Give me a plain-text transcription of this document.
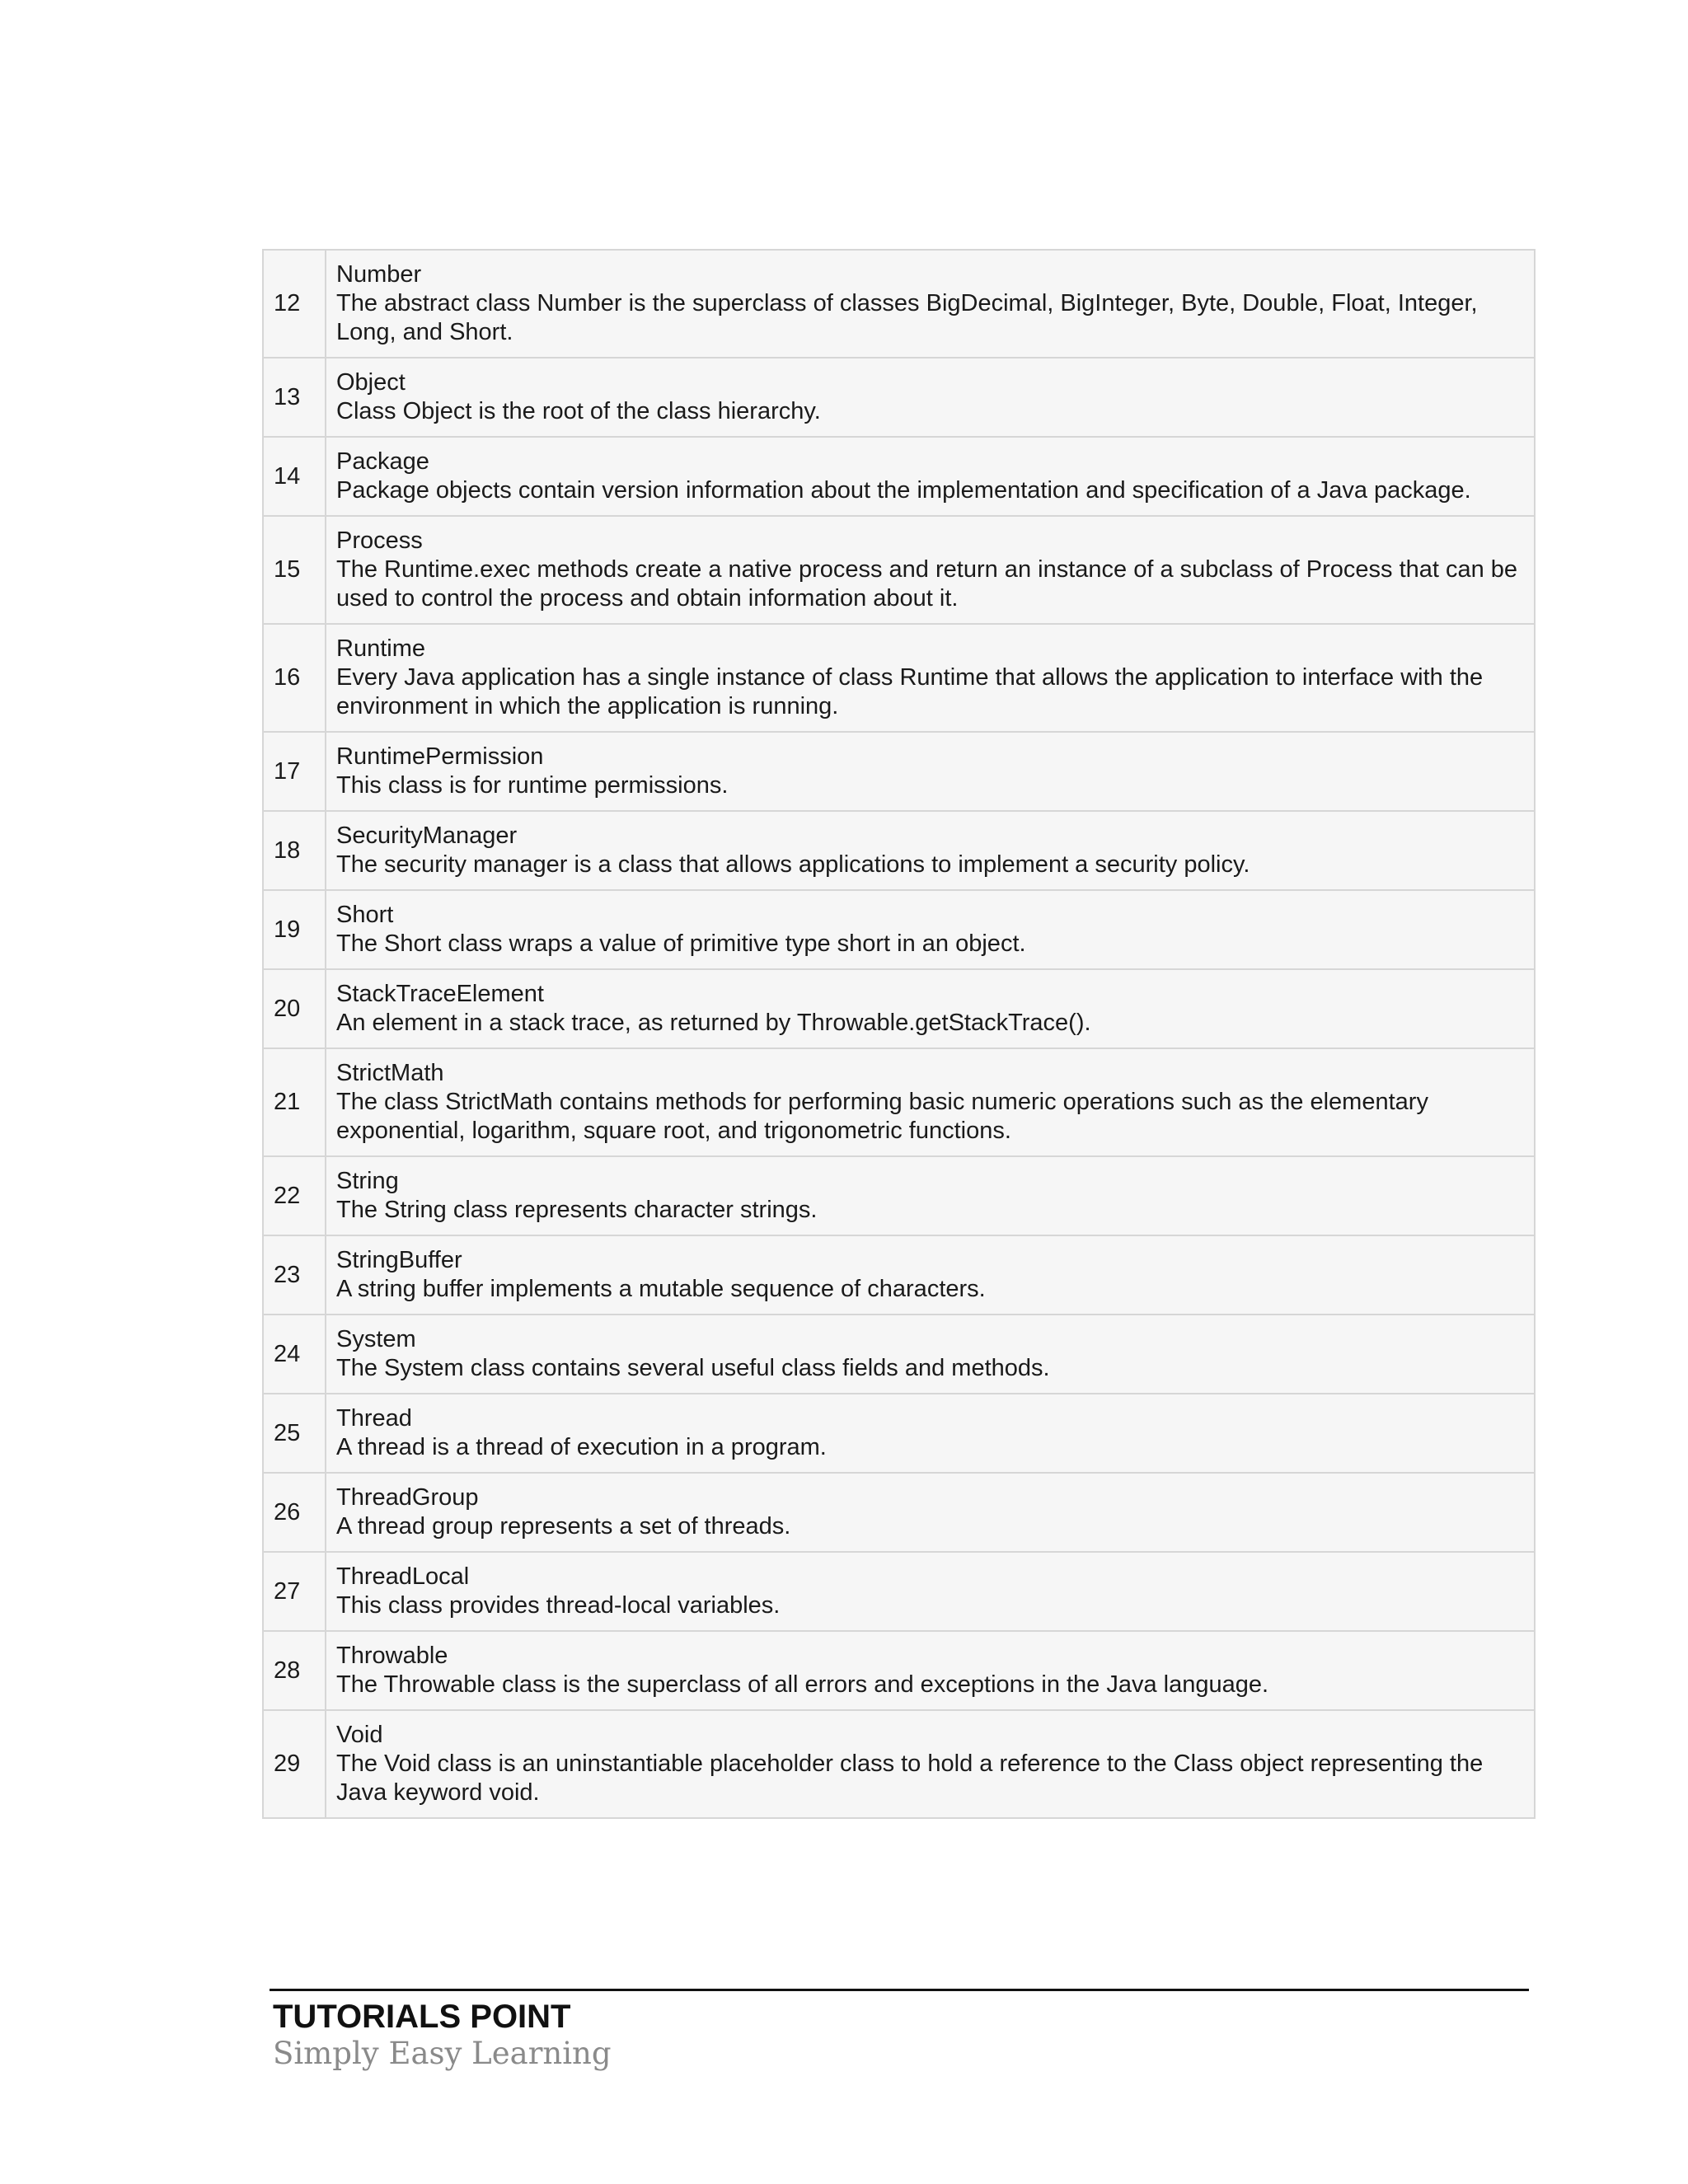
12	Number
The abstract class Number is the superclass of classes BigDecimal, BigInteger, Byte, Double, Float, Integer, Long, and Short.

13	Object
Class Object is the root of the class hierarchy.

14	Package
Package objects contain version information about the implementation and specification of a Java package.

15	Process
The Runtime.exec methods create a native process and return an instance of a subclass of Process that can be used to control the process and obtain information about it.

16	Runtime
Every Java application has a single instance of class Runtime that allows the application to interface with the environment in which the application is running.

17	RuntimePermission
This class is for runtime permissions.

18	SecurityManager
The security manager is a class that allows applications to implement a security policy.

19	Short
The Short class wraps a value of primitive type short in an object.

20	StackTraceElement
An element in a stack trace, as returned by Throwable.getStackTrace().

21	StrictMath
The class StrictMath contains methods for performing basic numeric operations such as the elementary exponential, logarithm, square root, and trigonometric functions.

22	String
The String class represents character strings.

23	StringBuffer
A string buffer implements a mutable sequence of characters.

24	System
The System class contains several useful class fields and methods.

25	Thread
A thread is a thread of execution in a program.

26	ThreadGroup
A thread group represents a set of threads.

27	ThreadLocal
This class provides thread-local variables.

28	Throwable
The Throwable class is the superclass of all errors and exceptions in the Java language.

29	Void
The Void class is an uninstantiable placeholder class to hold a reference to the Class object representing the Java keyword void.
TUTORIALS POINT
Simply Easy Learning
